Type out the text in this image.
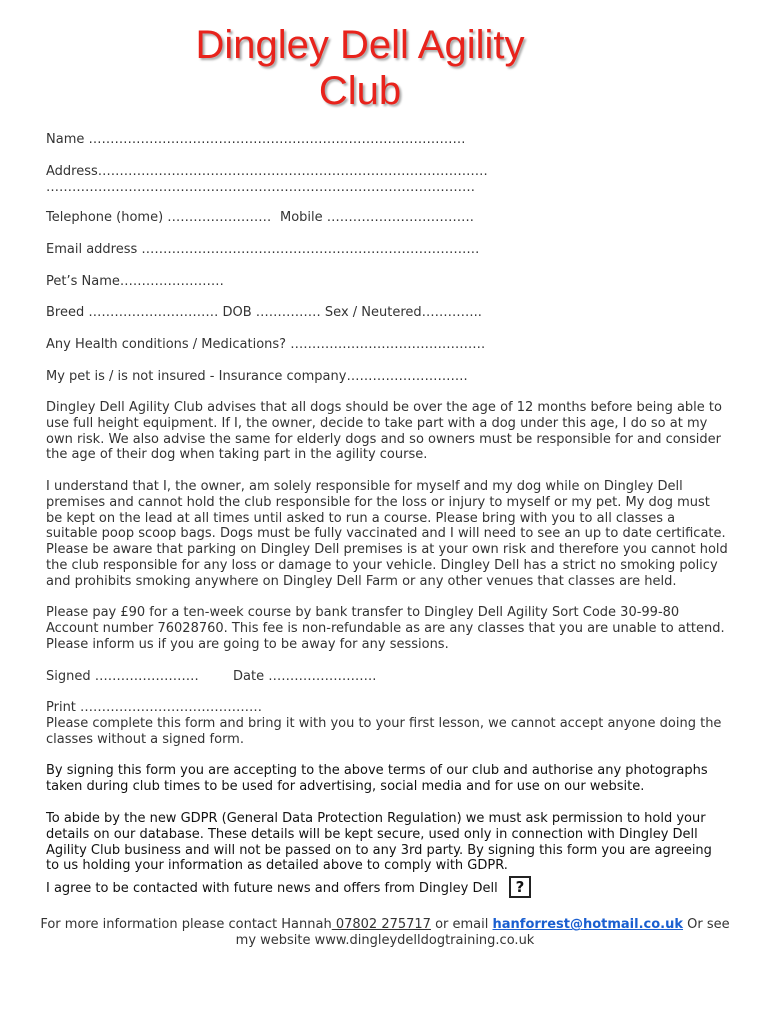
Dingley Dell Agility
Club
Name ……………………………………………………………………………
Address………………………………………………………………………………
………………………………………………………………………………………
Telephone (home) …………………… Mobile …………………………….
Email address ……………………………………………………………………
Pet’s Name……………………
Breed ………………………… DOB …………… Sex / Neutered…………..
Any Health conditions / Medications? ………………………………………
My pet is / is not insured - Insurance company……………………….
Dingley Dell Agility Club advises that all dogs should be over the age of 12 months before being able to use full height equipment. If I, the owner, decide to take part with a dog under this age, I do so at my own risk. We also advise the same for elderly dogs and so owners must be responsible for and consider the age of their dog when taking part in the agility course.
I understand that I, the owner, am solely responsible for myself and my dog while on Dingley Dell premises and cannot hold the club responsible for the loss or injury to myself or my pet. My dog must be kept on the lead at all times until asked to run a course. Please bring with you to all classes a suitable poop scoop bags. Dogs must be fully vaccinated and I will need to see an up to date certificate. Please be aware that parking on Dingley Dell premises is at your own risk and therefore you cannot hold the club responsible for any loss or damage to your vehicle. Dingley Dell has a strict no smoking policy and prohibits smoking anywhere on Dingley Dell Farm or any other venues that classes are held.
Please pay £90 for a ten-week course by bank transfer to Dingley Dell Agility Sort Code 30-99-80 Account number 76028760. This fee is non-refundable as are any classes that you are unable to attend. Please inform us if you are going to be away for any sessions.
Signed ……………………	Date …………………….
Print ……………………………………
Please complete this form and bring it with you to your first lesson, we cannot accept anyone doing the classes without a signed form.
By signing this form you are accepting to the above terms of our club and authorise any photographs taken during club times to be used for advertising, social media and for use on our website.
To abide by the new GDPR (General Data Protection Regulation) we must ask permission to hold your details on our database. These details will be kept secure, used only in connection with Dingley Dell Agility Club business and will not be passed on to any 3rd party. By signing this form you are agreeing to us holding your information as detailed above to comply with GDPR.
I agree to be contacted with future news and offers from Dingley Dell	?
For more information please contact Hannah 07802 275717 or email hanforrest@hotmail.co.uk Or see
my website www.dingleydelldogtraining.co.uk
